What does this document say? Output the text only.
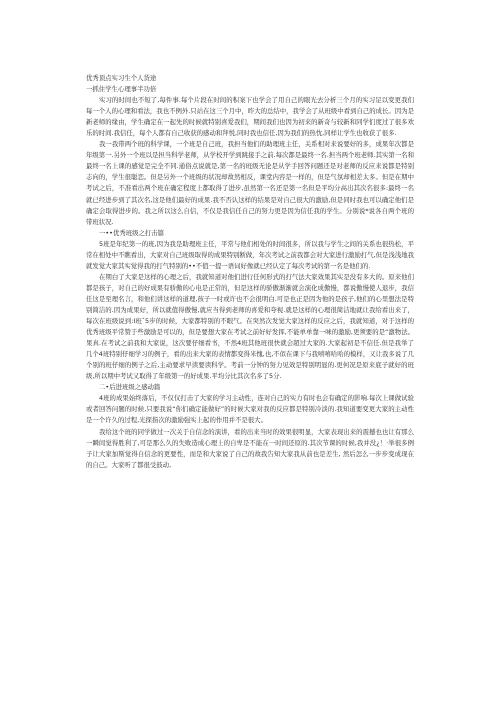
优秀顶点实习生个人货途

一抓住学生心理事半功倍

实习的时间也不短了,每件事.每个片段在时间的积案下也学会了用自己的眼光去分析三个月的实习足以变更我们每一个人的心理和看法，我也不例外.只站在这三个月中，昨大的总结中，我学会了从班级中看到自己的成长。因为是新老师的缘由，学生确定在一起先的时候就特别喜爱我们，期间我们也因为初来的新奇与较新和同学们度过了很多欢乐的时间.我信任，每个人都有自己收获的感动和拜悦,同时我也信任,因为我们的热忱,同样让学生也收获了很多.

我一我带两个班的科学课，一个班是自己班，我担当他们的助理班主任，关系相对来说要好的多，成果年次都是年级第一.另外一个班以是担当科学老师，从学校开学到跳接手之前.每次都是最终一名.担当两个班老师.其实第一名和最终一名上课的感觉是完全不同.通俗点说就是,第一名的班级无论是从学手回答问题还是对老师的反应来说都是特别志向的，学生很聪恋。但是另外一个班级的状况却故然相反，课堂内容是一样的，但是气氛却相差太多。但是在期中考试之后，不准看出两个班在确定程度上都取得了进步,虽然第一名还是第一名但是平均分高出其次名很多:最终一名就已经进步到了其次名,这是他们最好的成果.我不否认这样的结果是对自己很大的激励,但是同时我也可以确定他们是确定会取得进步的。我之所以这么自信，不仅是我信任自己的努力更是因为信任我的学生。分别说*说各自两个班的带班状况.

一••优秀班级之打击篇

5班是年纪第一的班,因为我是助理班主任，平常与他们相处的时间很多，所以我与学生之间的关系也很热松，平常在相处中不瞧看出，大家对自己班级取得的成果特别断做，年次考试之前我都会对大家进行激励打气,但是浅浅地我就发觉大家其实觉得我的打气特别的••不值一提一语词好像就已经认定了每次考试的第一名是他们的.

在期白了大家是这样的心理之后，我就知道对他们进行任何形式的打气法大家效果其实是没有多大的。原来他们都是孩子，对自己的好成果有骄傲的心电是正常的，但是这样的骄傲渐渐就会演化成傲慢，都说傲慢使人退步，我信任这是至理名言，和他们讲这样的道理,孩子一时或许也不会很明白.可是也正是因为他的是孩子,他们的心里想法是特别简洁的.因为成果好，所以就值得傲慢,就应当得到老师的喜爱和夸视.就是这样的心理很简洁地就让我给看出来了，每次在班级说到:I班ˇ5步的时候，大家都特别的不眼气。在突然次发觉大家这样的反应之后，我就知道，对于这样的优秀班级平常赞于些激励是可以的，但是要想大家在考试之前好好发挥,不能单单靠一味的激励,更须要的是“激物法。果真.在考试之前我和大家说，这次要仔细看书，不然4班其他班很快就会超过大家的.大家起初是不信任.但是我举了几个4班特别仔细学习的例子，看的出来大家的表情都变得米愧,也,不似在课下与我嘻嘻哈哈的模样，又让我多说了几个别的班仔细的例子之后,主动要求早读要读科学。考前一分钟的努力见效是特别明显的.更何况是原来底子就好的班级,所以期中考试又取得了年级第一的好成果.平均分比其次名多了5分.

二•后进班级之感动篇

4班的成果始终落后，不仅仅打击了大家的学习主动性，连对自己的实力有时也会有确定的影响.每次上课做试验或者回答问题的时候,只要我说“你们确定能做好”的时候大家对我的反应都是特别冷淡的.我知道要变更大家的主动性是一个许久的过程,光探指次的激励强实上起的作用并不是很大。

我给这个班的同学做过一次关于自信念的演讲，看的出来当时的效果很明显，大家表现出来的震撼也也让有那么一瞬间觉得胜利了,可是那么久的失败造成心理上的自卑是不能在一时间还原的.其次节课的时候,我并没¿！·举很多例子让大家加斯觉得自信念的更要性，而是和大家说了自己的故我告知大家我从前也是差生, 然后怎么一步步变成现在的自己。大家听了都很受鼓动,
